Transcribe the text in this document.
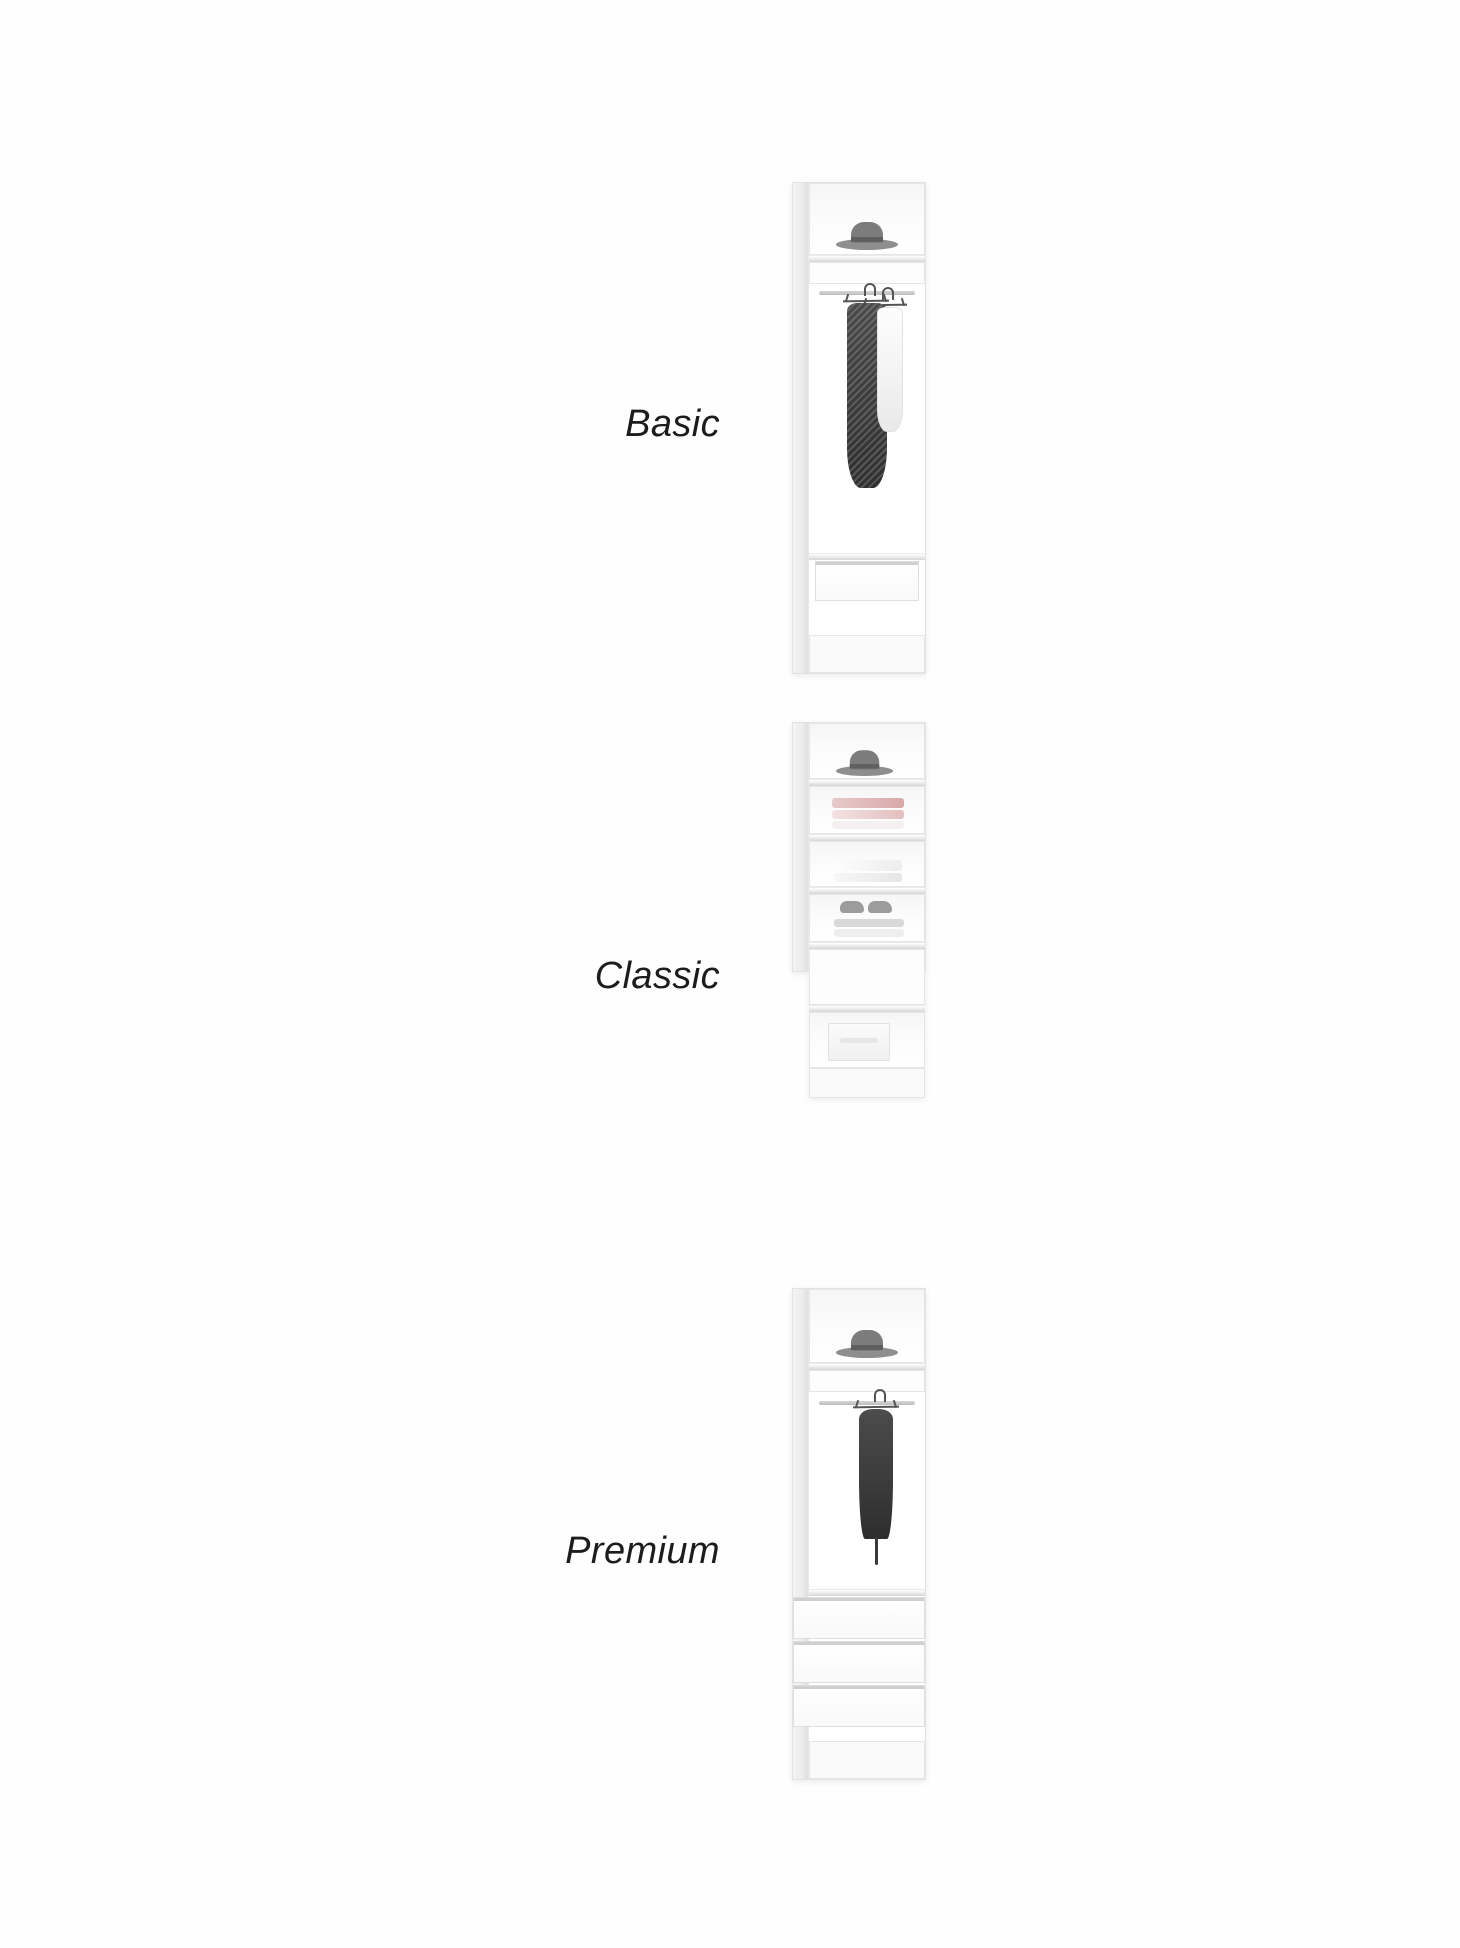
Basic
Classic
Premium
